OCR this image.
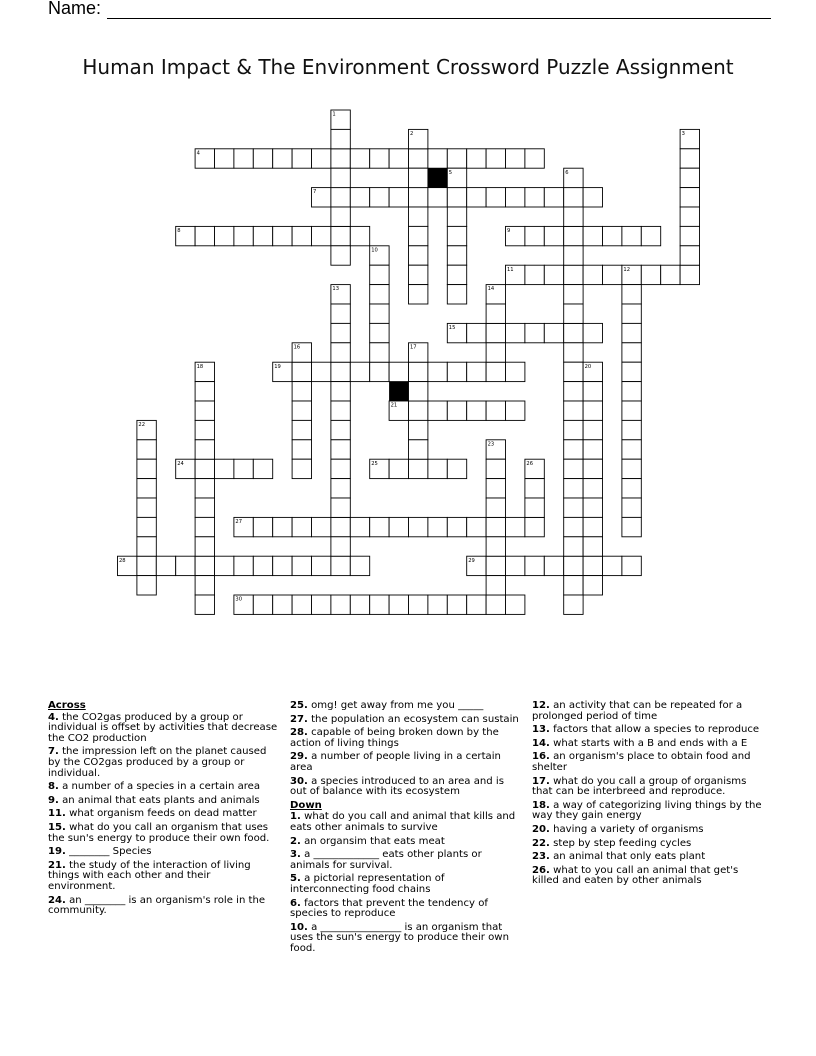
Name:
Human Impact & The Environment Crossword Puzzle Assignment
4
7
8	9
11
15
19
21
24	25
27
28	29
30
1
2	3
5	6
10
12
13	14
16	17
18	20
22
23
26

Across

4. the CO2gas produced by a group or individual is offset by activities that decrease the CO2 production

7. the impression left on the planet caused by the CO2gas produced by a group or individual.

8. a number of a species in a certain area

9. an animal that eats plants and animals

11. what organism feeds on dead matter

15. what do you call an organism that uses the sun's energy to produce their own food.

19. ________ Species

21. the study of the interaction of living things with each other and their environment.

24. an ________ is an organism's role in the community.

25. omg! get away from me you _____

27. the population an ecosystem can sustain

28. capable of being broken down by the action of living things

29. a number of people living in a certain area

30. a species introduced to an area and is out of balance with its ecosystem

Down

1. what do you call and animal that kills and eats other animals to survive

2. an organsim that eats meat

3. a _____________ eats other plants or animals for survival.

5. a pictorial representation of interconnecting food chains

6. factors that prevent the tendency of species to reproduce

10. a ________________ is an organism that uses the sun's energy to produce their own food.

12. an activity that can be repeated for a prolonged period of time

13. factors that allow a species to reproduce

14. what starts with a B and ends with a E

16. an organism's place to obtain food and shelter

17. what do you call a group of organisms that can be interbreed and reproduce.

18. a way of categorizing living things by the way they gain energy

20. having a variety of organisms

22. step by step feeding cycles

23. an animal that only eats plant

26. what to you call an animal that get's killed and eaten by other animals
